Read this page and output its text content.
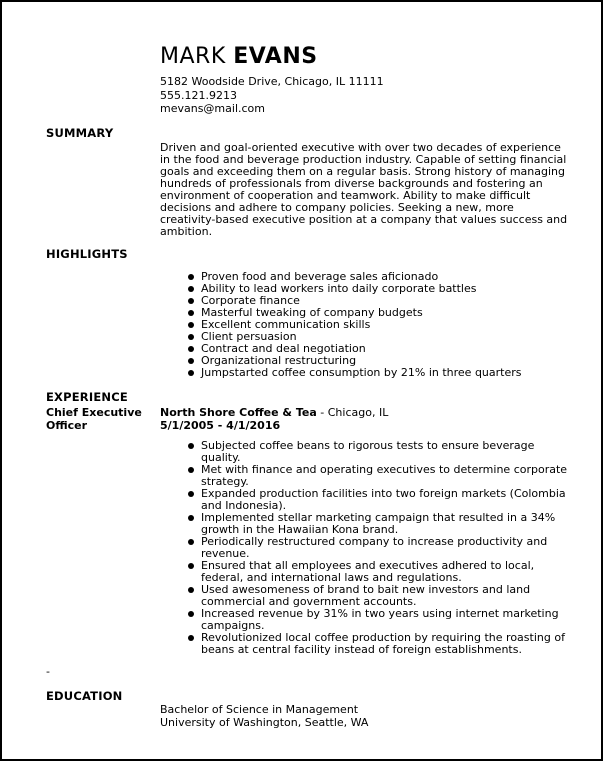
MARK EVANS
5182 Woodside Drive, Chicago, IL 11111
555.121.9213
mevans@mail.com
SUMMARY

Driven and goal-oriented executive with over two decades of experience in the food and beverage production industry. Capable of setting financial goals and exceeding them on a regular basis. Strong history of managing hundreds of professionals from diverse backgrounds and fostering an environment of cooperation and teamwork. Ability to make difficult decisions and adhere to company policies. Seeking a new, more creativity-based executive position at a company that values success and ambition.

HIGHLIGHTS
Proven food and beverage sales aficionado
Ability to lead workers into daily corporate battles
Corporate finance
Masterful tweaking of company budgets
Excellent communication skills
Client persuasion
Contract and deal negotiation
Organizational restructuring
Jumpstarted coffee consumption by 21% in three quarters
EXPERIENCE
Chief Executive Officer
North Shore Coffee & Tea - Chicago, IL
5/1/2005 - 4/1/2016
Subjected coffee beans to rigorous tests to ensure beverage quality.
Met with finance and operating executives to determine corporate strategy.
Expanded production facilities into two foreign markets (Colombia and Indonesia).
Implemented stellar marketing campaign that resulted in a 34% growth in the Hawaiian Kona brand.
Periodically restructured company to increase productivity and revenue.
Ensured that all employees and executives adhered to local, federal, and international laws and regulations.
Used awesomeness of brand to bait new investors and land commercial and government accounts.
Increased revenue by 31% in two years using internet marketing campaigns.
Revolutionized local coffee production by requiring the roasting of beans at central facility instead of foreign establishments.
-
EDUCATION
Bachelor of Science in Management
University of Washington, Seattle, WA
